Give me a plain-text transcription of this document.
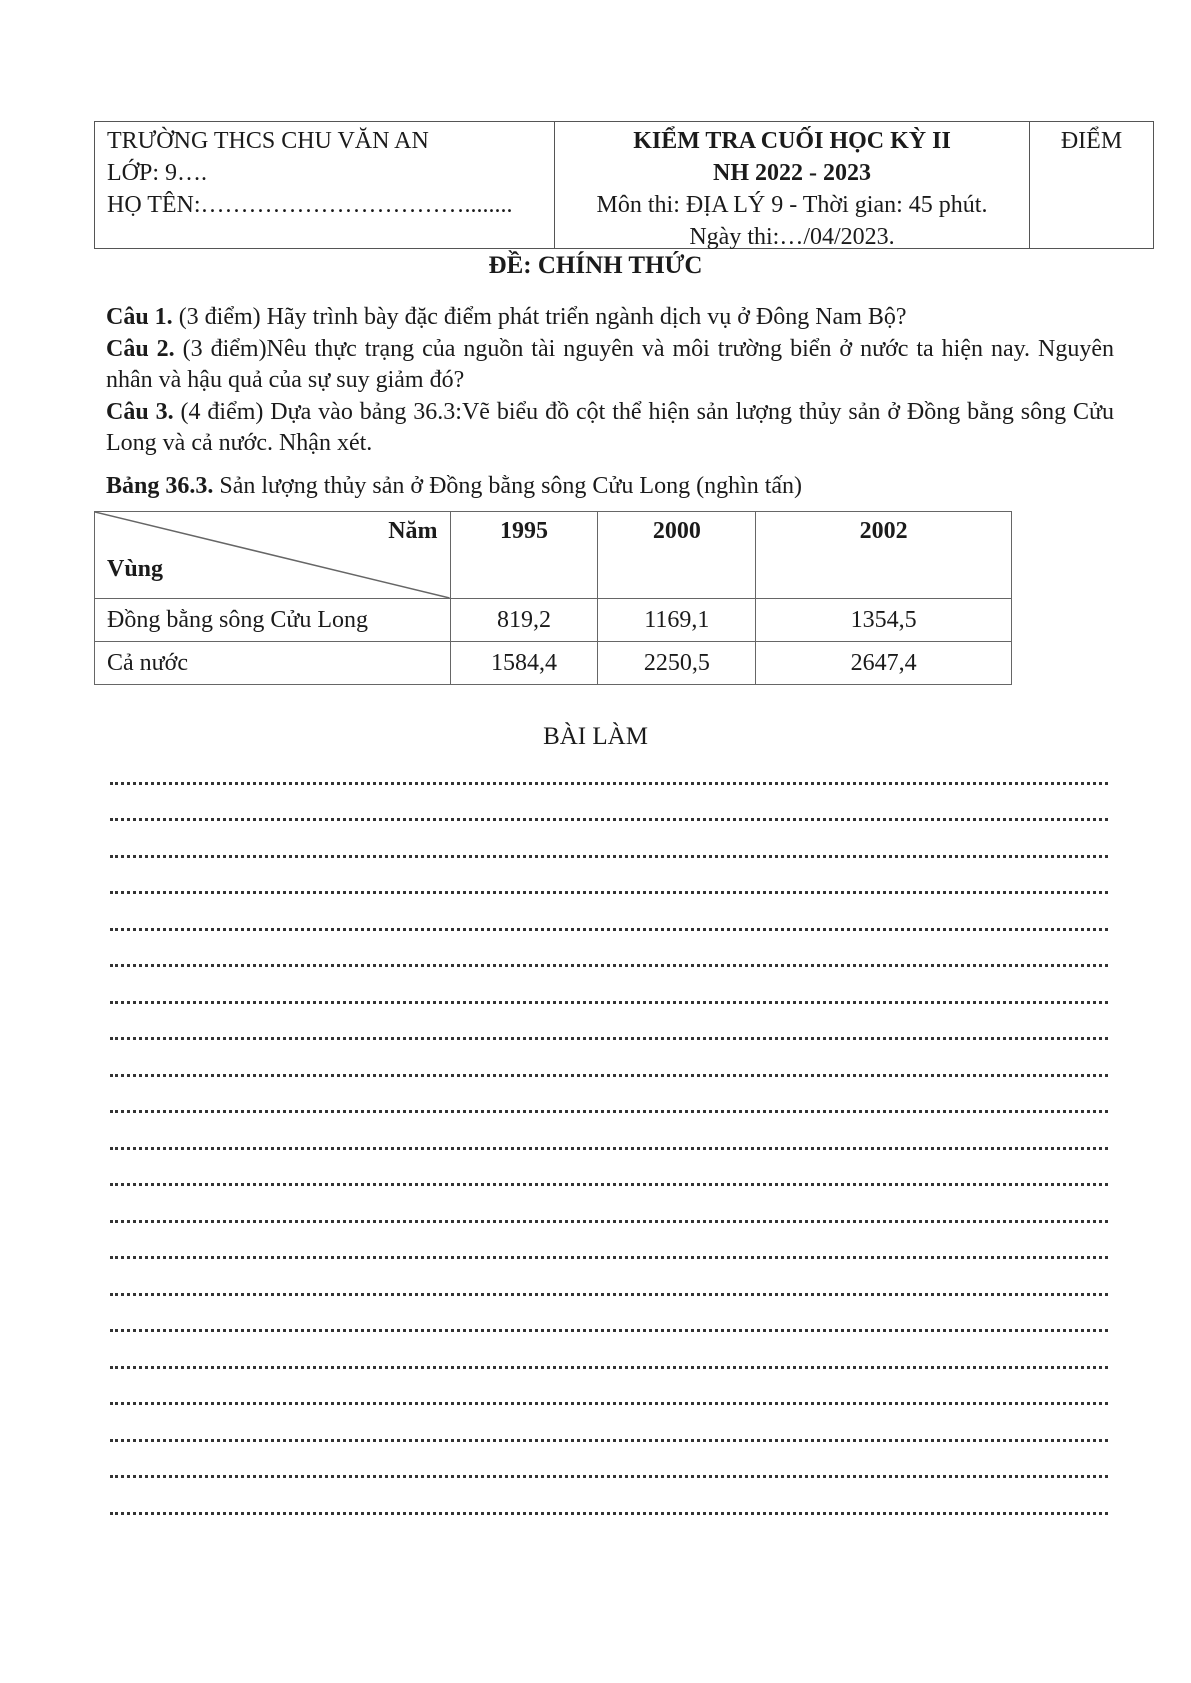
TRƯỜNG THCS CHU VĂN AN
LỚP: 9….
HỌ TÊN:……………………………........
KIỂM TRA CUỐI HỌC KỲ II
NH 2022 - 2023
Môn thi: ĐỊA LÝ 9 - Thời gian: 45 phút.
Ngày thi:…/04/2023.
ĐIỂM
ĐỀ: CHÍNH THỨC

Câu 1. (3 điểm) Hãy trình bày đặc điểm phát triển ngành dịch vụ ở Đông Nam Bộ?

Câu 2. (3 điểm)Nêu thực trạng của nguồn tài nguyên và môi trường biển ở nước ta hiện nay. Nguyên nhân và hậu quả của sự suy giảm đó?

Câu 3. (4 điểm) Dựa vào bảng 36.3:Vẽ biểu đồ cột thể hiện sản lượng thủy sản ở Đồng bằng sông Cửu Long và cả nước. Nhận xét.

Bảng 36.3. Sản lượng thủy sản ở Đồng bằng sông Cửu Long (nghìn tấn)
Năm
Vùng	1995	2000	2002
Đồng bằng sông Cửu Long	819,2	1169,1	1354,5
Cả nước	1584,4	2250,5	2647,4
BÀI LÀM
